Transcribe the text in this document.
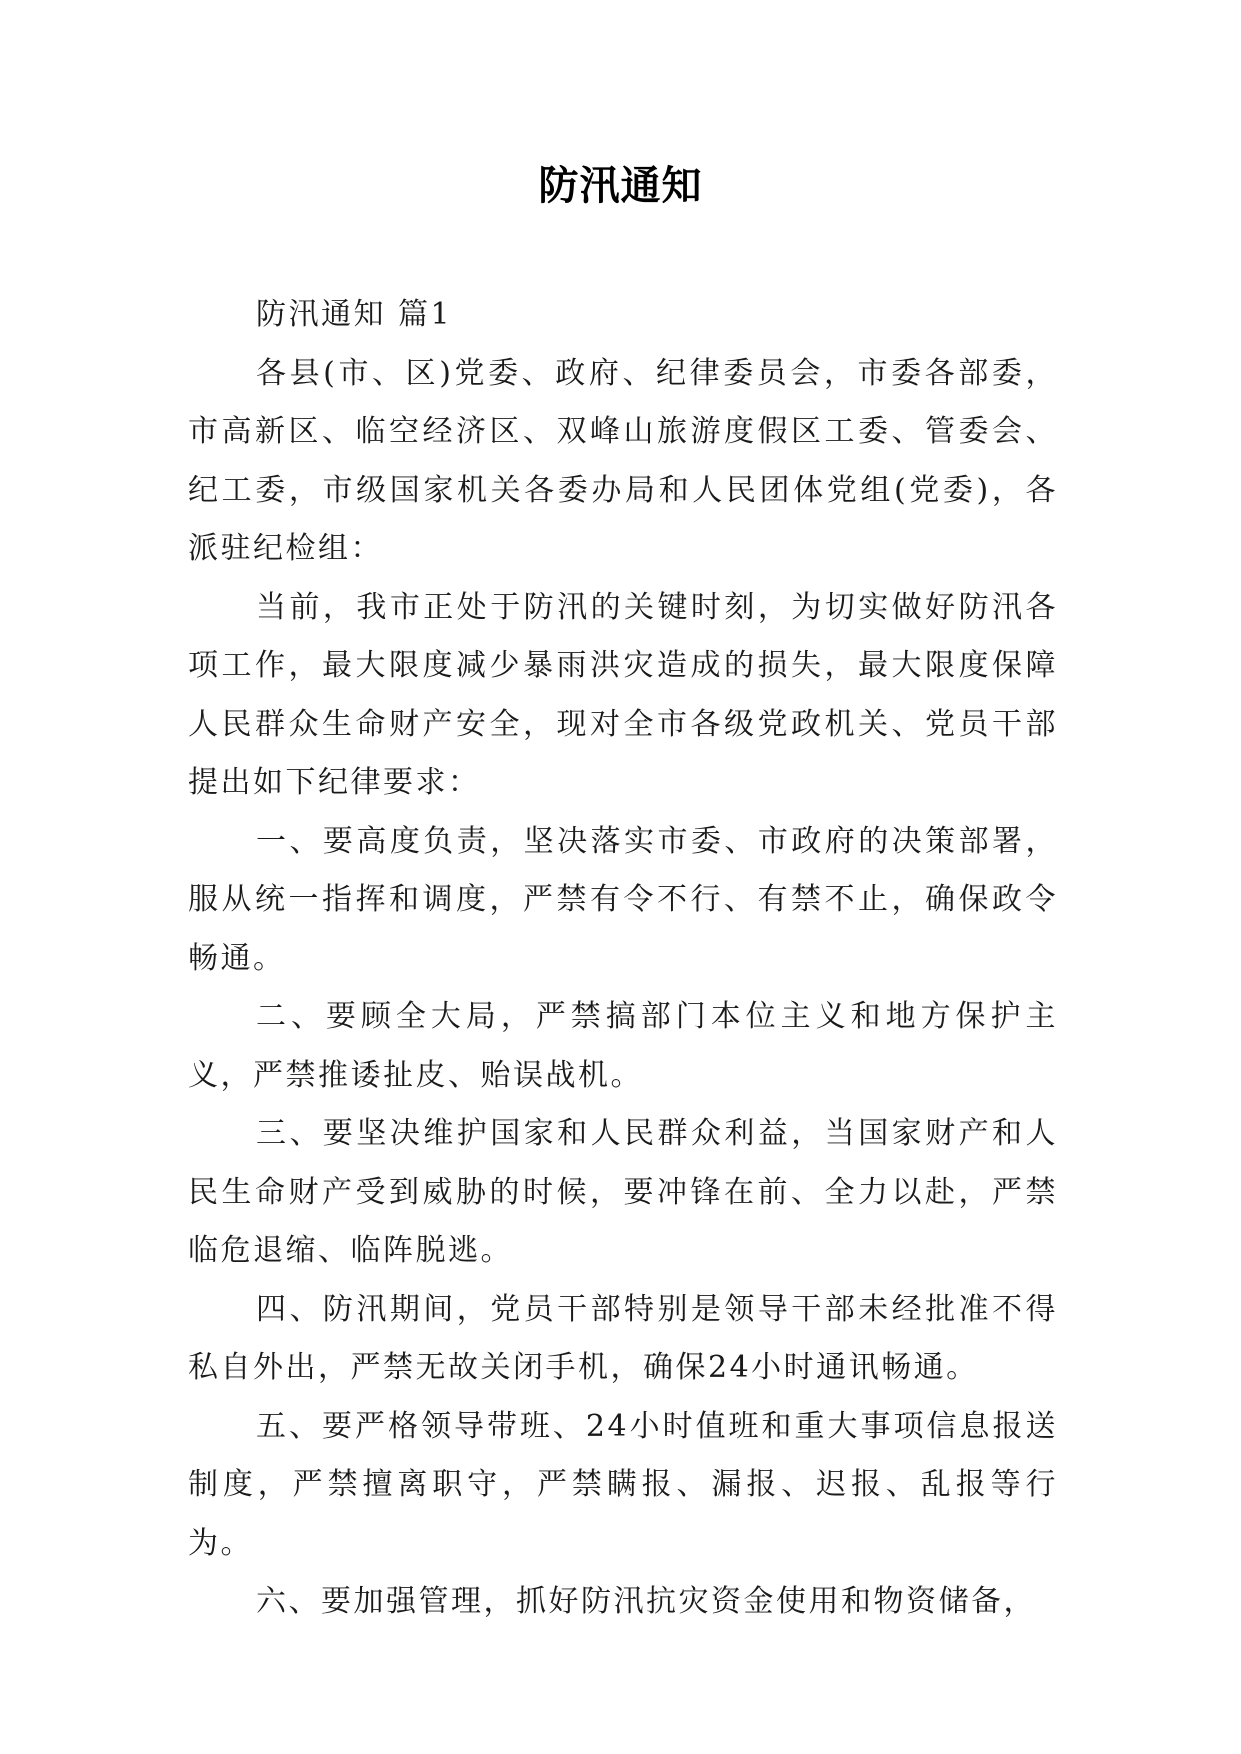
防汛通知

防汛通知 篇1

各县(市、区)党委、政府、纪律委员会，市委各部委，市高新区、临空经济区、双峰山旅游度假区工委、管委会、纪工委，市级国家机关各委办局和人民团体党组(党委)，各派驻纪检组：

当前，我市正处于防汛的关键时刻，为切实做好防汛各项工作，最大限度减少暴雨洪灾造成的损失，最大限度保障人民群众生命财产安全，现对全市各级党政机关、党员干部提出如下纪律要求：

一、要高度负责，坚决落实市委、市政府的决策部署，服从统一指挥和调度，严禁有令不行、有禁不止，确保政令畅通。

二、要顾全大局，严禁搞部门本位主义和地方保护主义，严禁推诿扯皮、贻误战机。

三、要坚决维护国家和人民群众利益，当国家财产和人民生命财产受到威胁的时候，要冲锋在前、全力以赴，严禁临危退缩、临阵脱逃。

四、防汛期间，党员干部特别是领导干部未经批准不得私自外出，严禁无故关闭手机，确保24小时通讯畅通。

五、要严格领导带班、24小时值班和重大事项信息报送制度，严禁擅离职守，严禁瞒报、漏报、迟报、乱报等行为。

六、要加强管理，抓好防汛抗灾资金使用和物资储备，
